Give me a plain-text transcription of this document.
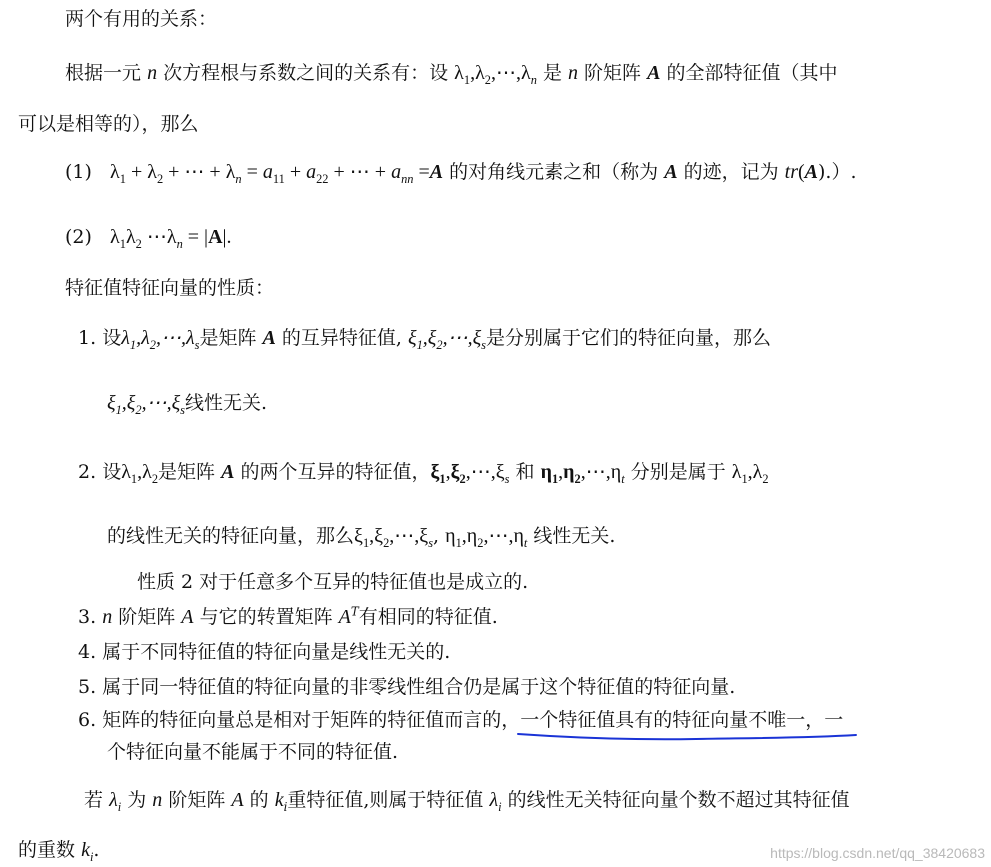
两个有用的关系：
根据一元 n 次方程根与系数之间的关系有：设 $\lambda_1,\lambda_2,\cdots,\lambda_n$ 是 n 阶矩阵 A 的全部特征值（其中
可以是相等的），那么
(1) $\lambda_1 + \lambda_2$ + ⋯ + $\lambda_n = a_{11} + a_{22}$ + ⋯ + $a_{nn} =A$ 的对角线元素之和（称为 A 的迹，记为 tr(A).）.
(2) $\lambda_1\lambda_2$ $\cdots\lambda_n = |A|$.
特征值特征向量的性质：
1. 设$\lambda_1,\lambda_2,\cdots,\lambda_s$是矩阵 A 的互异特征值, $\xi_1,\xi_2,\cdots,\xi_s$是分别属于它们的特征向量，那么
$\xi_1,\xi_2,\cdots,\xi_s$线性无关.
2. 设$\lambda_1,\lambda_2$是矩阵 A 的两个互异的特征值，$\xi_1,\xi_2,\cdots,\xi_s$ 和 $\eta_1,\eta_2,\cdots,\eta_t$ 分别是属于 $\lambda_1,\lambda_2$
的线性无关的特征向量，那么$\xi_1,\xi_2,\cdots,\xi_s$, $\eta_1,\eta_2,\cdots,\eta_t$ 线性无关.
性质 2 对于任意多个互异的特征值也是成立的.
3. n 阶矩阵 A 与它的转置矩阵 $A^T$有相同的特征值.
4. 属于不同特征值的特征向量是线性无关的.
5. 属于同一特征值的特征向量的非零线性组合仍是属于这个特征值的特征向量.
6. 矩阵的特征向量总是相对于矩阵的特征值而言的，一个特征值具有的特征向量不唯一
，一
个特征向量不能属于不同的特征值.
若 $\lambda_i$ 为 n 阶矩阵 A 的 $k_i$重特征值,则属于特征值 $\lambda_i$ 的线性无关特征向量个数不超过其特征值
的重数 $k_i$.	https://blog.csdn.net/qq_38420683
